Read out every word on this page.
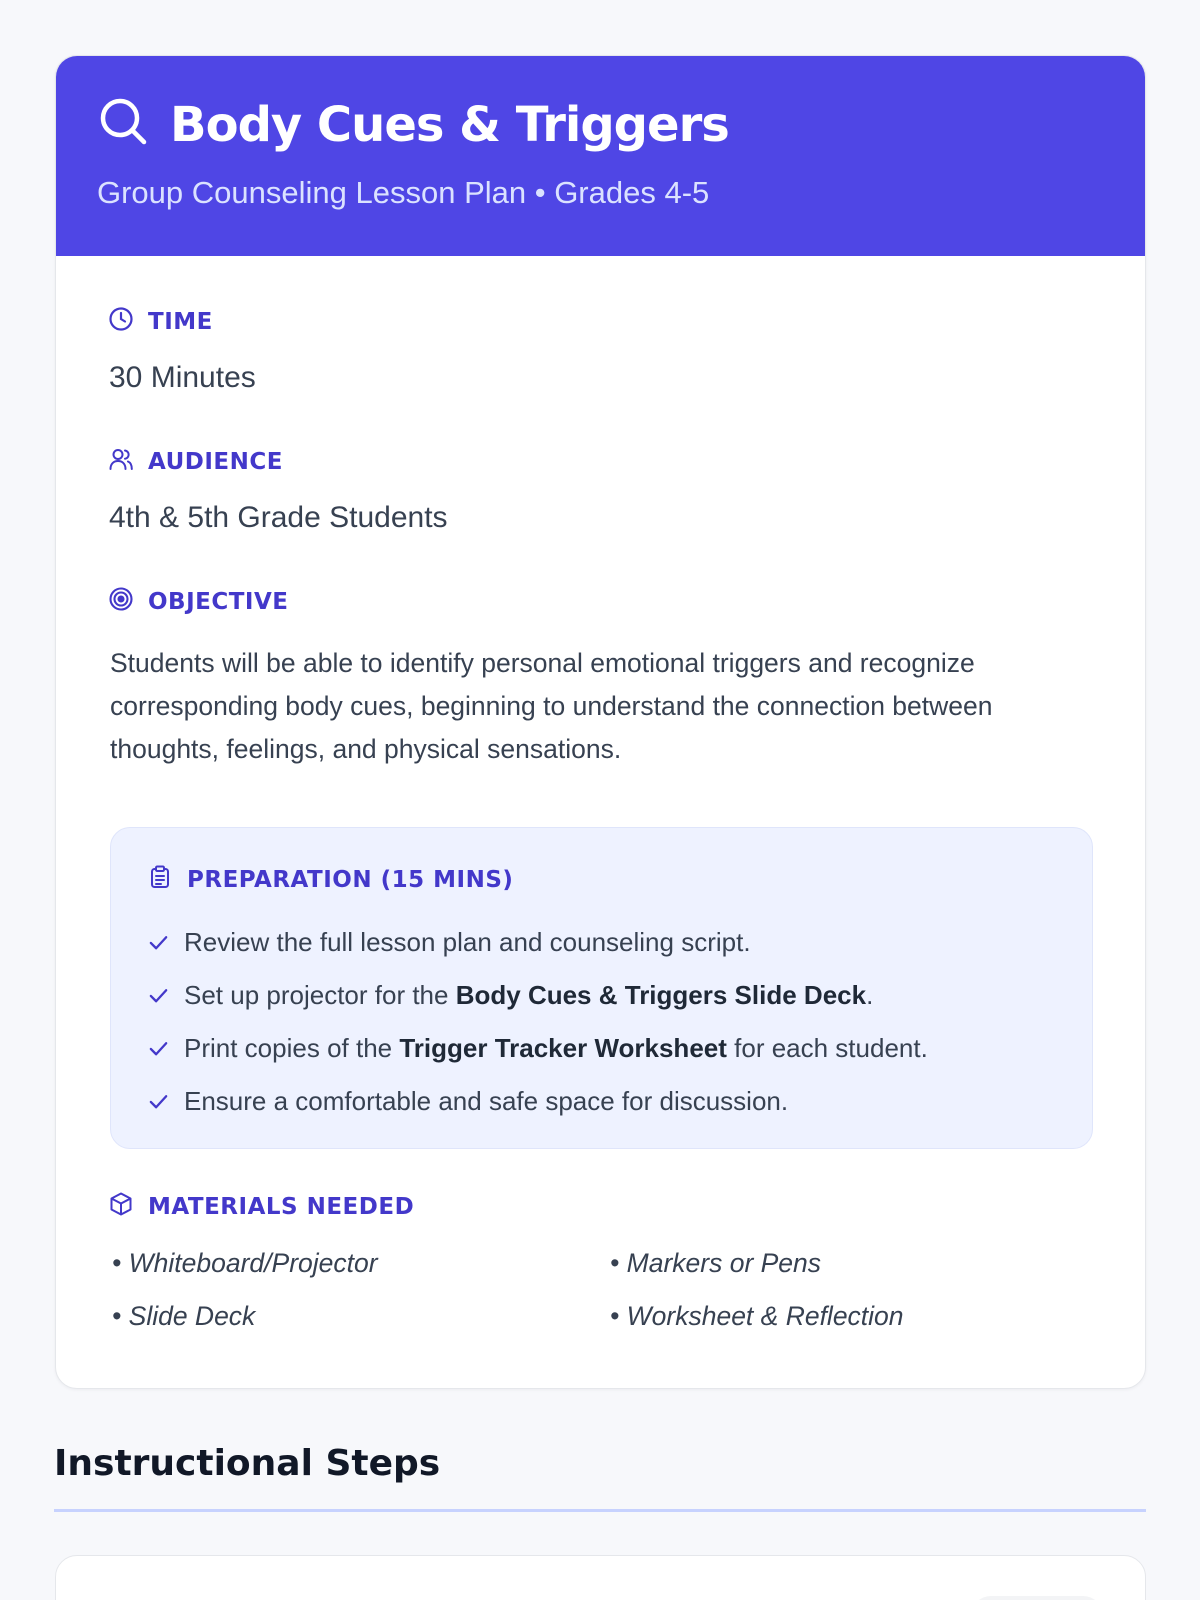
Body Cues & Triggers
Group Counseling Lesson Plan • Grades 4-5
TIME
30 Minutes
AUDIENCE
4th & 5th Grade Students
OBJECTIVE

Students will be able to identify personal emotional triggers and recognize corresponding body cues, beginning to understand the connection between thoughts, feelings, and physical sensations.

PREPARATION (15 MINS)
Review the full lesson plan and counseling script.
Set up projector for the Body Cues & Triggers Slide Deck.
Print copies of the Trigger Tracker Worksheet for each student.
Ensure a comfortable and safe space for discussion.
MATERIALS NEEDED
• Whiteboard/Projector	• Markers or Pens
• Slide Deck	• Worksheet & Reflection
Instructional Steps
